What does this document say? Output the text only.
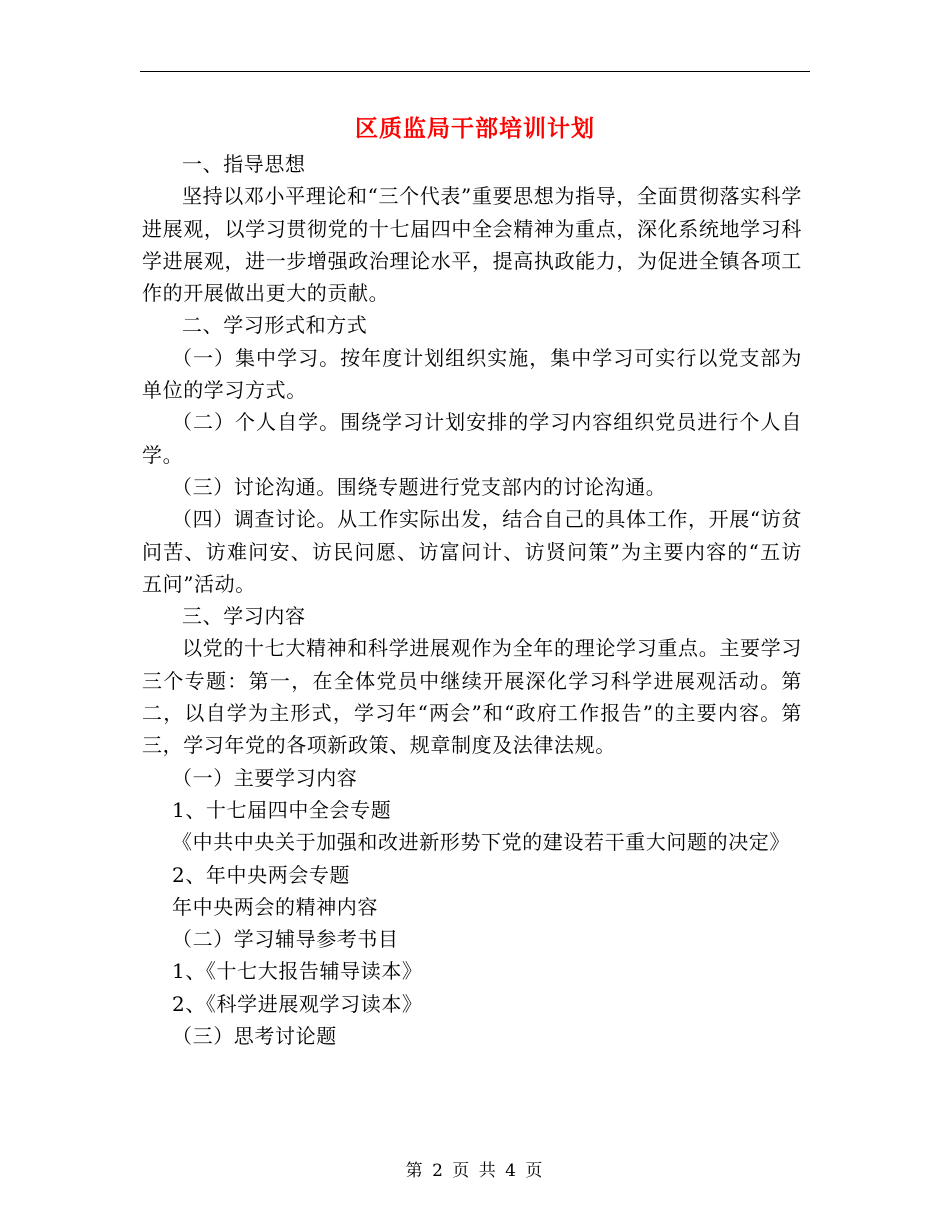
区质监局干部培训计划

一、指导思想

坚持以邓小平理论和“三个代表”重要思想为指导，全面贯彻落实科学进展观，以学习贯彻党的十七届四中全会精神为重点，深化系统地学习科学进展观，进一步增强政治理论水平，提高执政能力，为促进全镇各项工作的开展做出更大的贡献。

二、学习形式和方式

（一）集中学习。按年度计划组织实施，集中学习可实行以党支部为单位的学习方式。

（二）个人自学。围绕学习计划安排的学习内容组织党员进行个人自学。

（三）讨论沟通。围绕专题进行党支部内的讨论沟通。

（四）调查讨论。从工作实际出发，结合自己的具体工作，开展“访贫问苦、访难问安、访民问愿、访富问计、访贤问策”为主要内容的“五访五问”活动。

三、学习内容

以党的十七大精神和科学进展观作为全年的理论学习重点。主要学习三个专题：第一，在全体党员中继续开展深化学习科学进展观活动。第二，以自学为主形式，学习年“两会”和“政府工作报告”的主要内容。第三，学习年党的各项新政策、规章制度及法律法规。

（一）主要学习内容

1、十七届四中全会专题

《中共中央关于加强和改进新形势下党的建设若干重大问题的决定》

2、年中央两会专题

年中央两会的精神内容

（二）学习辅导参考书目

1、《十七大报告辅导读本》

2、《科学进展观学习读本》

（三）思考讨论题

第 2 页 共 4 页
